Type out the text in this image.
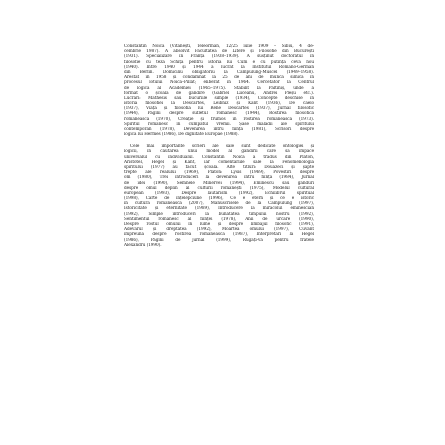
Constantin Noica (Vitănești, Teleorman, 12/25 iulie 1909 – Sibiu, 4 de-
cembrie 1987). A absolvit Facultatea de Litere și Filosofie din București
(1931). Specializare în Franța (1938–1939). A susținut doctoratul în
filosofie cu teza Schiță pentru istoria lui Cum e cu putință ceva nou
(1940). Între 1940 și 1944 a lucrat la Institutul Româno-German
din Berlin. Domiciliu obligatoriu la Câmpulung-Muscel (1949–1958).
Arestat în 1958 și condamnat la 25 de ani de muncă silnică în
procesul lotului Noica–Pillat; eliberat în 1964. Cercetător la Centrul
de logică al Academiei (1965–1975). Stabilit la Păltiniș, unde a
format o școală de gândire (Gabriel Liiceanu, Andrei Pleșu etc.).
Lucrări: Mathesis sau bucuriile simple (1934), Concepte deschise în
istoria filosofiei la Descartes, Leibniz și Kant (1936), De caelo
(1937), Viața și filosofia lui René Descartes (1937), Jurnal filosofic
(1944), Pagini despre sufletul românesc (1944), Rostirea filosofică
românească (1970), Creație și frumos în rostirea românească (1973).
Spiritul românesc în cumpătul vremii. Șase maladii ale spiritului
contemporan (1978), Devenirea întru ființă (1981), Scrisori despre
logica lui Hermes (1986), De dignitate Europae (1988).
Cele mai importante scrieri ale sale sunt dedicate ontologiei și
logicii, în căutarea unui model al gândirii care să împace
universalul cu individualul. Constantin Noica a tradus din Platon,
Aristotel, Hegel și Kant, iar comentariile sale la Fenomenologia
spiritului (1977) au făcut școală. Alte titluri: Douăzeci și șapte
trepte ale realului (1969), Platon: Lysis (1969), Povestiri despre
om (1980), Trei introduceri la devenirea întru ființă (1984), Jurnal
de idei (1990), Semnele Minervei (1994), Eminescu sau gânduri
despre omul deplin al culturii românești (1975), Modelul cultural
european (1993), Despre lăutărism (1992), Echilibrul spiritual
(1998), Carte de înțelepciune (1996), Ce e etern și ce e istoric
în cultura românească (2007), Manuscrisele de la Câmpulung (1997),
Istoricitate și eternitate (1989), Introducere la miracolul eminescian
(1992), Simple introduceri la bunătatea timpului nostru (1992),
Sentimentul românesc al ființei (1978), Anii de urcare (1990),
Despre rostul omului în lume și despre limbajul filosofic (1991),
Adevărul și dreptatea (1992), Moartea omului (1997), Cuvânt
împreună despre rostirea românească (1987), Interpretări la Hegel
(1986), Pagini de jurnal (1999), Rugați-vă pentru fratele
Alexandru (1990).
